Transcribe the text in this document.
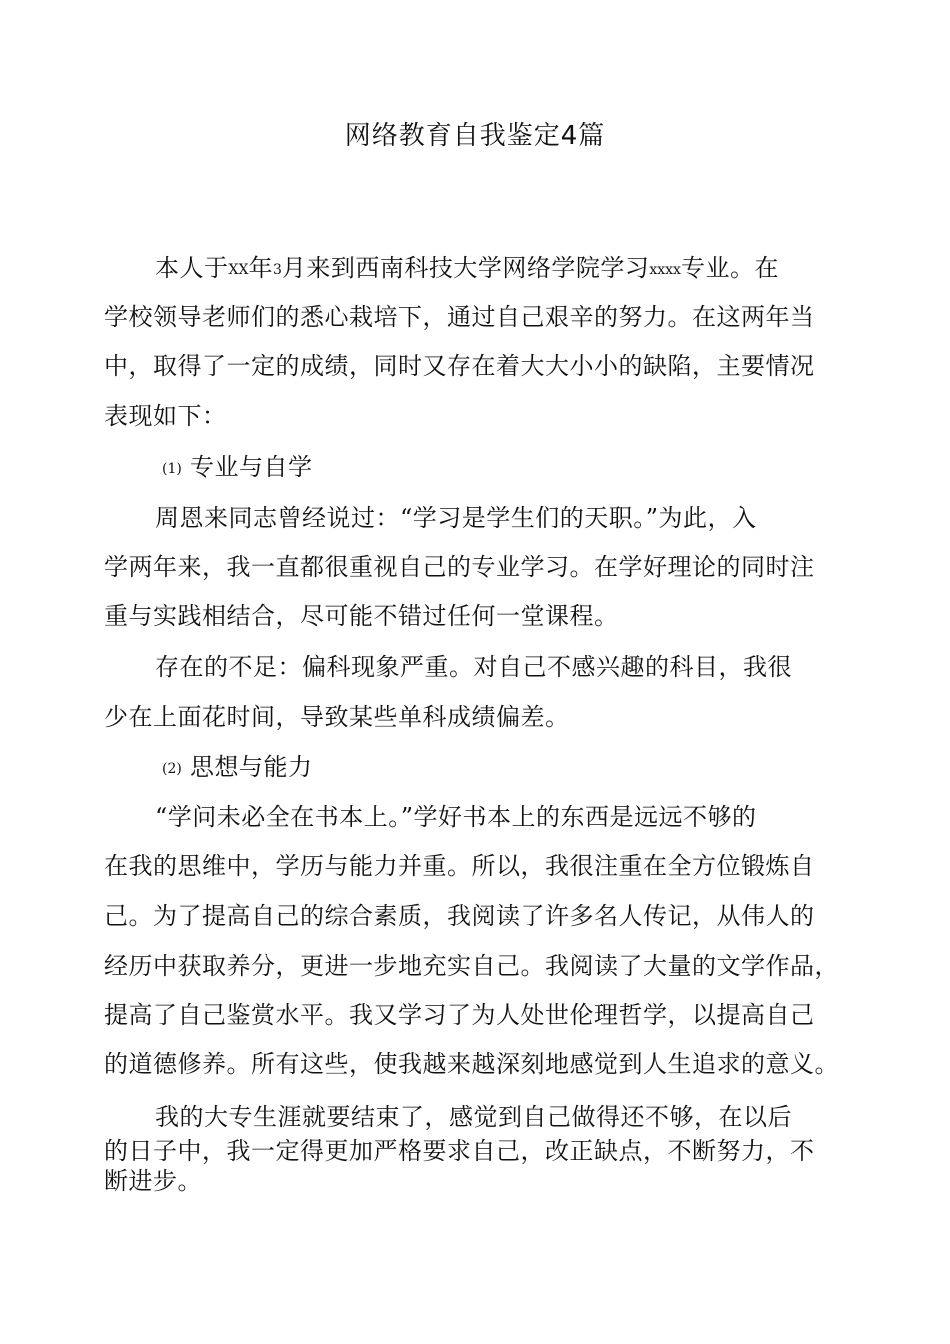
网络教育自我鉴定4篇
本人于XX年3月来到西南科技大学网络学院学习xxxx专业。在
学校领导老师们的悉心栽培下，通过自己艰辛的努力。在这两年当
中，取得了一定的成绩，同时又存在着大大小小的缺陷，主要情况
表现如下：
(1) 专业与自学
周恩来同志曾经说过：“学习是学生们的天职。”为此，入
学两年来，我一直都很重视自己的专业学习。在学好理论的同时注
重与实践相结合，尽可能不错过任何一堂课程。
存在的不足：偏科现象严重。对自己不感兴趣的科目，我很
少在上面花时间，导致某些单科成绩偏差。
(2) 思想与能力
“学问未必全在书本上。”学好书本上的东西是远远不够的
在我的思维中，学历与能力并重。所以，我很注重在全方位锻炼自
己。为了提高自己的综合素质，我阅读了许多名人传记，从伟人的
经历中获取养分，更进一步地充实自己。我阅读了大量的文学作品，
提高了自己鉴赏水平。我又学习了为人处世伦理哲学，以提高自己
的道德修养。所有这些，使我越来越深刻地感觉到人生追求的意义。
我的大专生涯就要结束了，感觉到自己做得还不够，在以后
的日子中，我一定得更加严格要求自己，改正缺点，不断努力，不
断进步。
